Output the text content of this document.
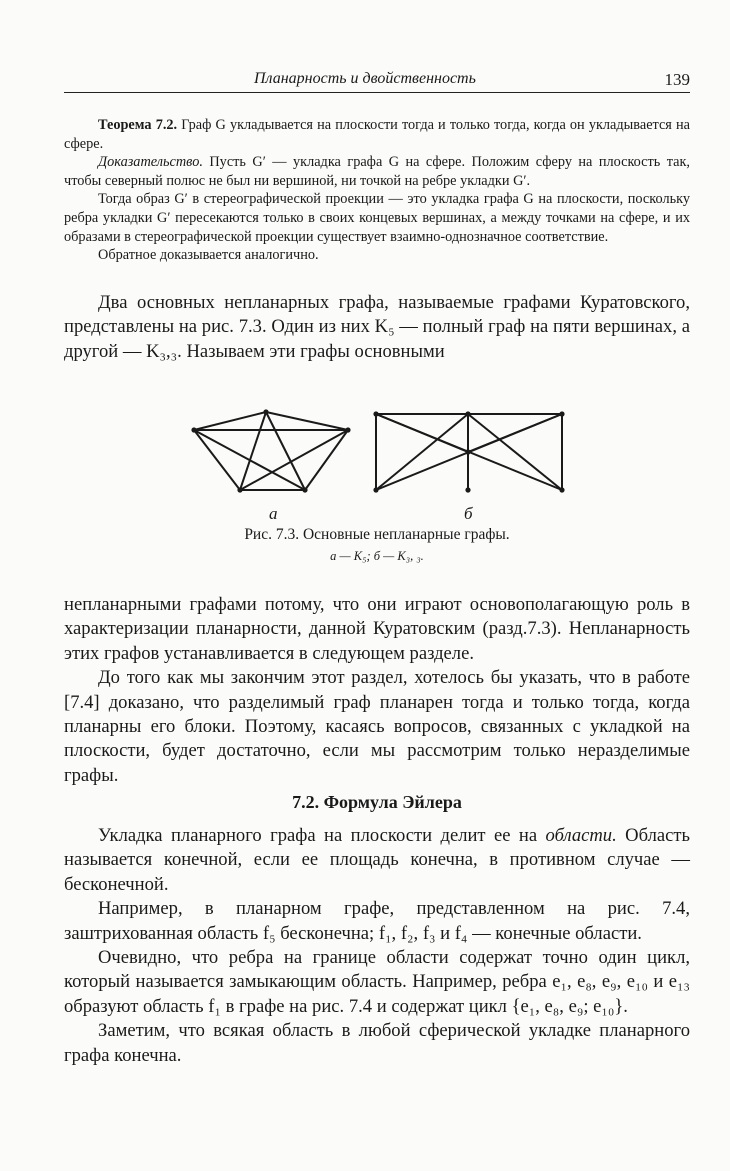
Планарность и двойственность	139

Теорема 7.2. Граф G укладывается на плоскости тогда и только тогда, когда он укладывается на сфере.

Доказательство. Пусть G′ — укладка графа G на сфере. Положим сферу на плоскость так, чтобы северный полюс не был ни вершиной, ни точкой на ребре укладки G′.

Тогда образ G′ в стереографической проекции — это укладка графа G на плоскости, поскольку ребра укладки G′ пересекаются только в своих концевых вершинах, а между точками на сфере, и их образами в стереографической проекции существует взаимно-однозначное соответствие.

Обратное доказывается аналогично.

Два основных непланарных графа, называемые графами Куратовского, представлены на рис. 7.3. Один из них K₅ — полный граф на пяти вершинах, а другой — K₃,₃. Называем эти графы основными

а	б
Рис. 7.3. Основные непланарные графы.
а — K₅; б — K₃, ₃.

непланарными графами потому, что они играют основополагающую роль в характеризации планарности, данной Куратовским (разд.7.3). Непланарность этих графов устанавливается в следующем разделе.

До того как мы закончим этот раздел, хотелось бы указать, что в работе [7.4] доказано, что разделимый граф планарен тогда и только тогда, когда планарны его блоки. Поэтому, касаясь вопросов, связанных с укладкой на плоскости, будет достаточно, если мы рассмотрим только неразделимые графы.

7.2. Формула Эйлера

Укладка планарного графа на плоскости делит ее на области. Область называется конечной, если ее площадь конечна, в противном случае — бесконечной.

Например, в планарном графе, представленном на рис. 7.4, заштрихованная область f₅ бесконечна; f₁, f₂, f₃ и f₄ — конечные области.

Очевидно, что ребра на границе области содержат точно один цикл, который называется замыкающим область. Например, ребра e₁, e₈, e₉, e₁₀ и e₁₃ образуют область f₁ в графе на рис. 7.4 и содержат цикл {e₁, e₈, e₉; e₁₀}.

Заметим, что всякая область в любой сферической укладке планарного графа конечна.
